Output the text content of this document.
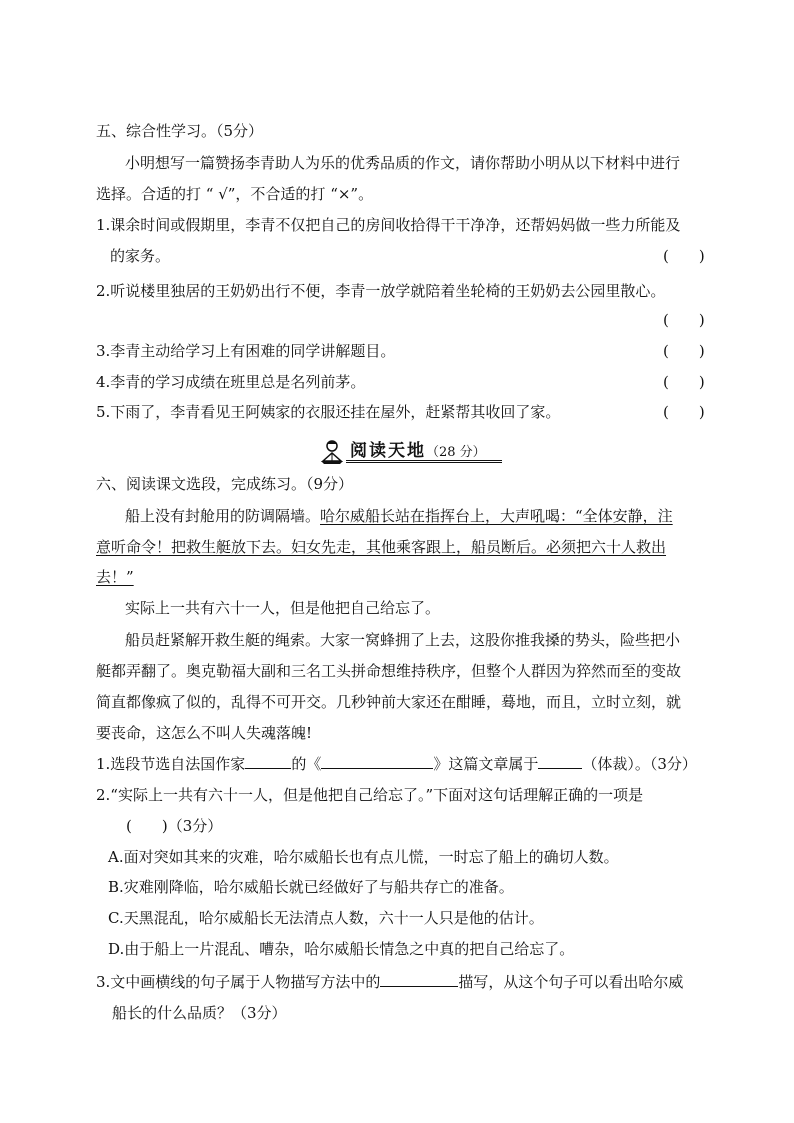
五、综合性学习。（5分）
小明想写一篇赞扬李青助人为乐的优秀品质的作文，请你帮助小明从以下材料中进行
选择。合适的打 “ √”，不合适的打 “×”。
1.课余时间或假期里，李青不仅把自己的房间收拾得干干净净，还帮妈妈做一些力所能及
的家务。	(　　)
2.听说楼里独居的王奶奶出行不便，李青一放学就陪着坐轮椅的王奶奶去公园里散心。
(　　)
3.李青主动给学习上有困难的同学讲解题目。	(　　)
4.李青的学习成绩在班里总是名列前茅。	(　　)
5.下雨了，李青看见王阿姨家的衣服还挂在屋外，赶紧帮其收回了家。	(　　)
阅读天地（28 分）
六、阅读课文选段，完成练习。（9分）
船上没有封舱用的防调隔墙。哈尔威船长站在指挥台上，大声吼喝：“全体安静，注
意听命令！把救生艇放下去。妇女先走，其他乘客跟上，船员断后。必须把六十人救出
去！”
实际上一共有六十一人，但是他把自己给忘了。
船员赶紧解开救生艇的绳索。大家一窝蜂拥了上去，这股你推我搡的势头，险些把小
艇都弄翻了。奥克勒福大副和三名工头拼命想维持秩序，但整个人群因为猝然而至的变故
简直都像疯了似的，乱得不可开交。几秒钟前大家还在酣睡，蓦地，而且，立时立刻，就
要丧命，这怎么不叫人失魂落魄!
1.选段节选自法国作家	的《	》这篇文章属于	（体裁）。（3分）
2.“实际上一共有六十一人，但是他把自己给忘了。”下面对这句话理解正确的一项是
(　　)（3分）
A.面对突如其来的灾难，哈尔威船长也有点儿慌，一时忘了船上的确切人数。
B.灾难刚降临，哈尔威船长就已经做好了与船共存亡的准备。
C.天黑混乱，哈尔威船长无法清点人数，六十一人只是他的估计。
D.由于船上一片混乱、嘈杂，哈尔威船长情急之中真的把自己给忘了。
3.文中画横线的句子属于人物描写方法中的	描写，从这个句子可以看出哈尔威
船长的什么品质？（3分）
